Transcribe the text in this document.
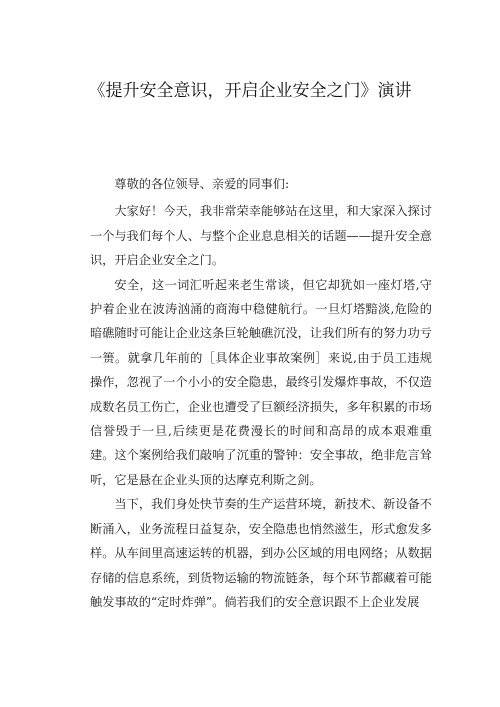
《提升安全意识，开启企业安全之门》演讲

尊敬的各位领导、亲爱的同事们:

大家好！今天，我非常荣幸能够站在这里，和大家深入探讨一个与我们每个人、与整个企业息息相关的话题——提升安全意识，开启企业安全之门。

安全，这一词汇听起来老生常谈，但它却犹如一座灯塔,守护着企业在波涛汹涌的商海中稳健航行。一旦灯塔黯淡,危险的暗礁随时可能让企业这条巨轮触礁沉没，让我们所有的努力功亏一篑。就拿几年前的［具体企业事故案例］来说,由于员工违规操作，忽视了一个小小的安全隐患，最终引发爆炸事故，不仅造成数名员工伤亡，企业也遭受了巨额经济损失，多年积累的市场信誉毁于一旦,后续更是花费漫长的时间和高昂的成本艰难重建。这个案例给我们敲响了沉重的警钟：安全事故，绝非危言耸听，它是悬在企业头顶的达摩克利斯之剑。

当下，我们身处快节奏的生产运营环境，新技术、新设备不断涌入，业务流程日益复杂，安全隐患也悄然滋生，形式愈发多样。从车间里高速运转的机器，到办公区域的用电网络；从数据存储的信息系统，到货物运输的物流链条，每个环节都藏着可能触发事故的“定时炸弹”。倘若我们的安全意识跟不上企业发展
